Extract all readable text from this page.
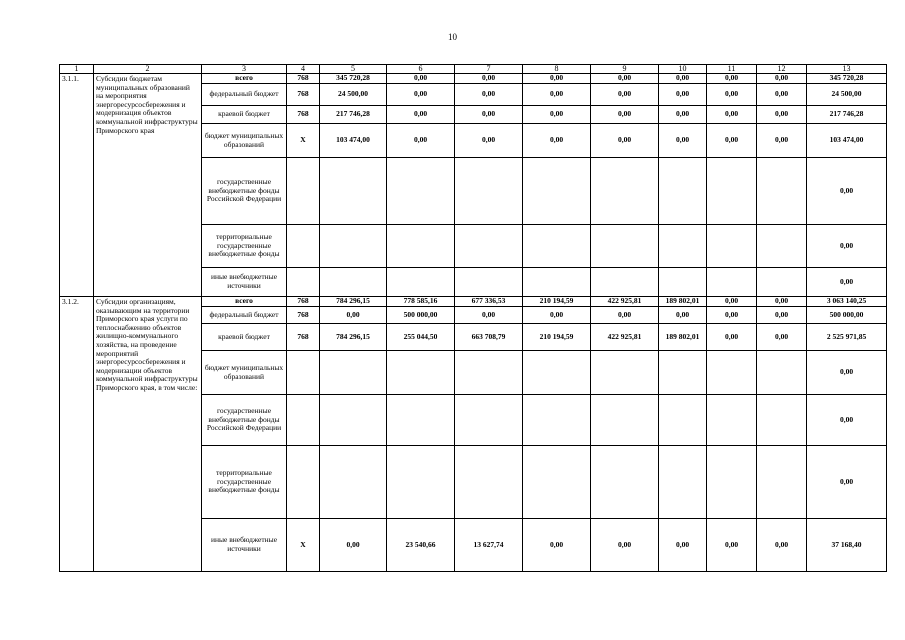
10
1	2	3	4	5	6	7	8	9	10	11	12	13
3.1.1.	Субсидии бюджетам муниципальных образований на мероприятия энергоресурсосбережения и модернизация объектов коммунальной инфраструктуры Приморского края	всего	768	345 720,28	0,00	0,00	0,00	0,00	0,00	0,00	0,00	345 720,28
		федеральный бюджет	768	24 500,00	0,00	0,00	0,00	0,00	0,00	0,00	0,00	24 500,00
		краевой бюджет	768	217 746,28	0,00	0,00	0,00	0,00	0,00	0,00	0,00	217 746,28
		бюджет муниципальных образований	X	103 474,00	0,00	0,00	0,00	0,00	0,00	0,00	0,00	103 474,00
		государственные внебюджетные фонды Российской Федерации										0,00
		территориальные государственные внебюджетные фонды										0,00
		иные внебюджетные источники										0,00
3.1.2.	Субсидии организациям, оказывающим на территории Приморского края услуги по теплоснабжению объектов жилищно-коммунального хозяйства, на проведение мероприятий энергоресурсосбережения и модернизации объектов коммунальной инфраструктуры Приморского края, в том числе:	всего	768	784 296,15	778 585,16	677 336,53	210 194,59	422 925,81	189 802,01	0,00	0,00	3 063 140,25
		федеральный бюджет	768	0,00	500 000,00	0,00	0,00	0,00	0,00	0,00	0,00	500 000,00
		краевой бюджет	768	784 296,15	255 044,50	663 708,79	210 194,59	422 925,81	189 802,01	0,00	0,00	2 525 971,85
		бюджет муниципальных образований										0,00
		государственные внебюджетные фонды Российской Федерации										0,00
		территориальные государственные внебюджетные фонды										0,00
		иные внебюджетные источники	X	0,00	23 540,66	13 627,74	0,00	0,00	0,00	0,00	0,00	37 168,40
